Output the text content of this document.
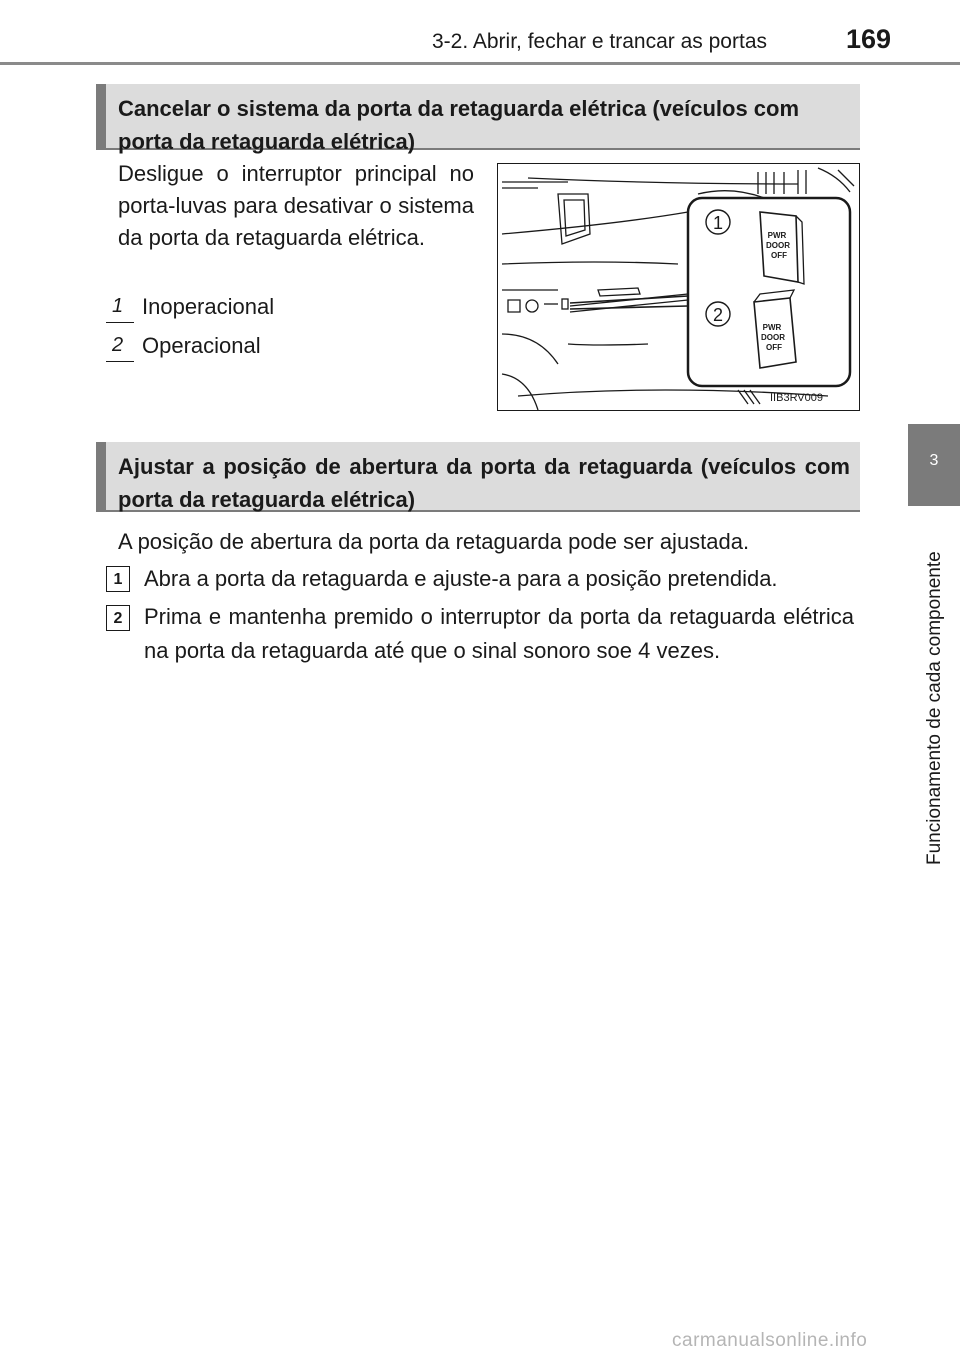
3-2. Abrir, fechar e trancar as portas	169
3
Funcionamento de cada componente
Cancelar o sistema da porta da retaguarda elétrica (veículos com porta da retaguarda elétrica)
Desligue o interruptor principal no porta-luvas para desativar o sistema da porta da retaguarda elétrica.
1 Inoperacional
2 Operacional
1
2
PWR
DOOR
OFF
PWR
DOOR
OFF
IIB3RV009
Ajustar a posição de abertura da porta da retaguarda (veículos com porta da retaguarda elétrica)
A posição de abertura da porta da retaguarda pode ser ajustada.
1 Abra a porta da retaguarda e ajuste-a para a posição pretendida.
2 Prima e mantenha premido o interruptor da porta da retaguarda elétrica na porta da retaguarda até que o sinal sonoro soe 4 vezes.
carmanualsonline.info
